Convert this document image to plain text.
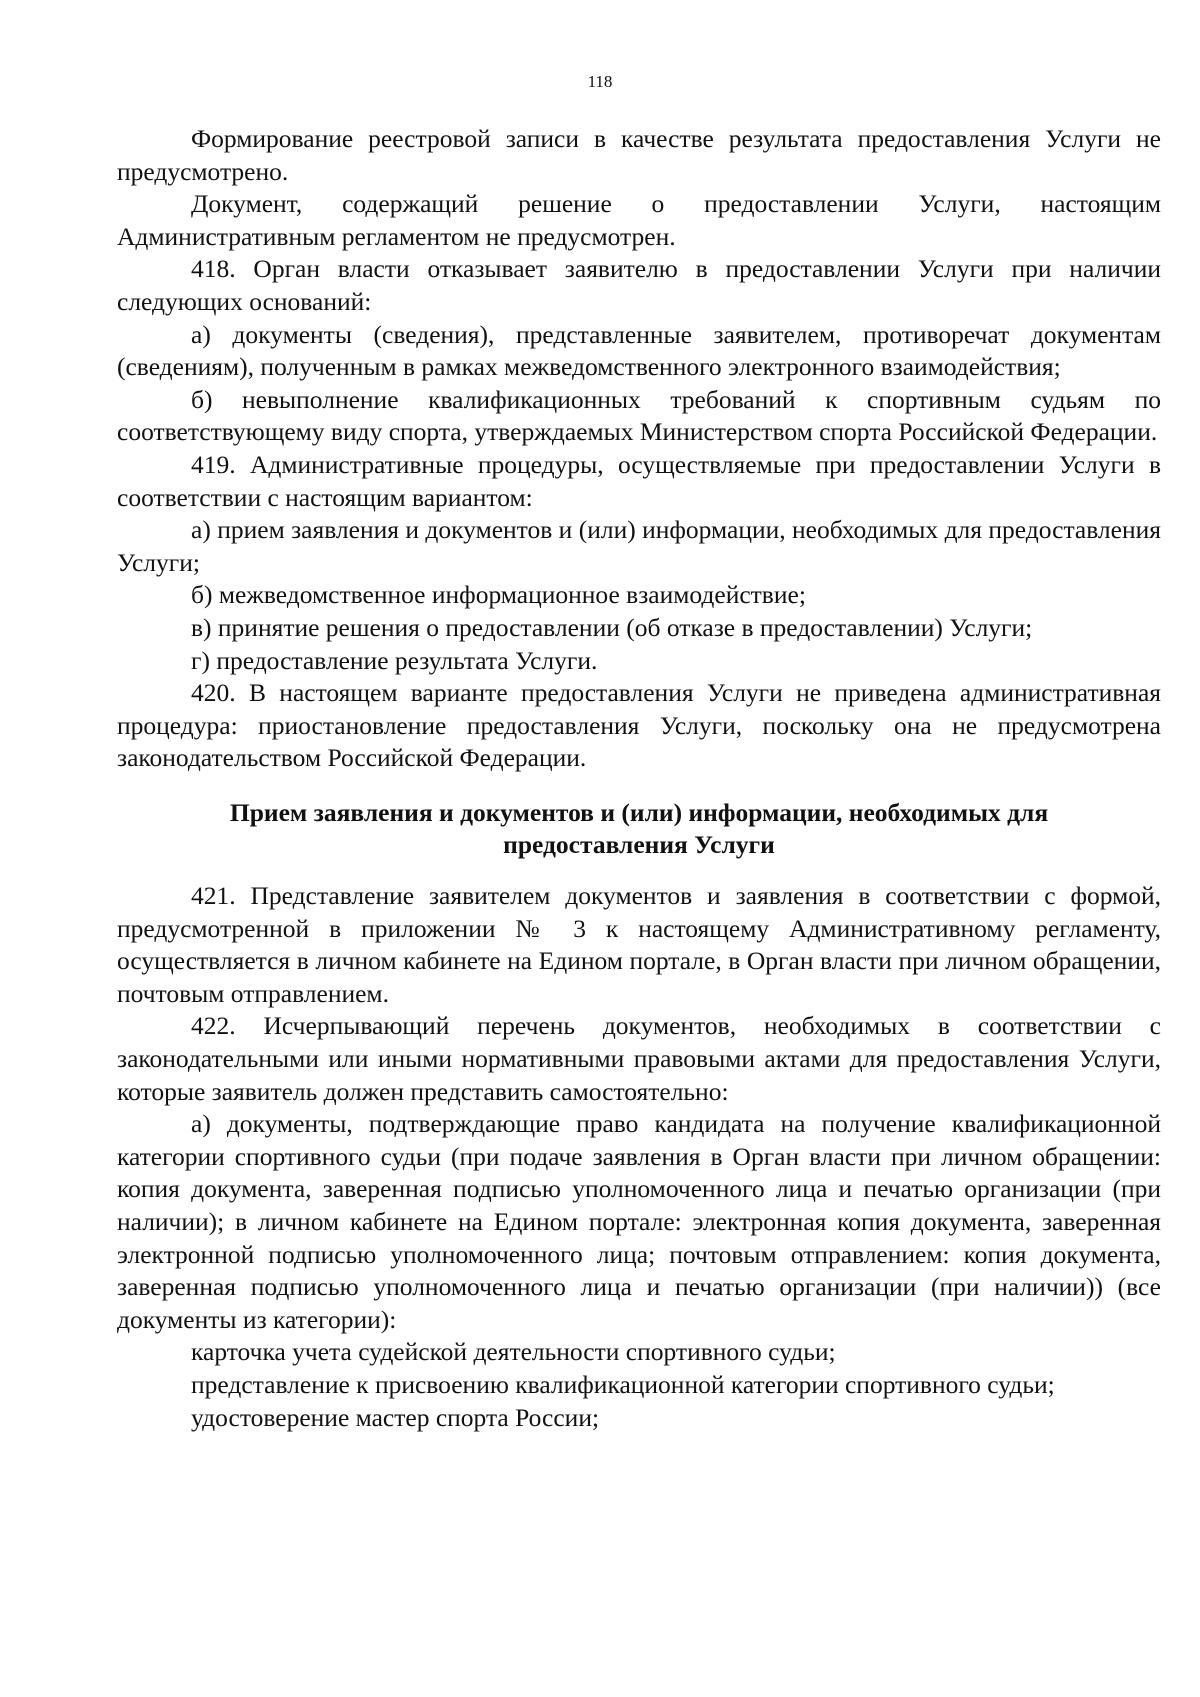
118

Формирование реестровой записи в качестве результата предоставления Услуги не предусмотрено.

Документ, содержащий решение о предоставлении Услуги, настоящим Административным регламентом не предусмотрен.

418. Орган власти отказывает заявителю в предоставлении Услуги при наличии следующих оснований:

а) документы (сведения), представленные заявителем, противоречат документам (сведениям), полученным в рамках межведомственного электронного взаимодействия;

б) невыполнение квалификационных требований к спортивным судьям по соответствующему виду спорта, утверждаемых Министерством спорта Российской Федерации.

419. Административные процедуры, осуществляемые при предоставлении Услуги в соответствии с настоящим вариантом:

а) прием заявления и документов и (или) информации, необходимых для предоставления Услуги;

б) межведомственное информационное взаимодействие;

в) принятие решения о предоставлении (об отказе в предоставлении) Услуги;

г) предоставление результата Услуги.

420. В настоящем варианте предоставления Услуги не приведена административная процедура: приостановление предоставления Услуги, поскольку она не предусмотрена законодательством Российской Федерации.

Прием заявления и документов и (или) информации, необходимых для предоставления Услуги

421. Представление заявителем документов и заявления в соответствии с формой, предусмотренной в приложении № 3 к настоящему Административному регламенту, осуществляется в личном кабинете на Едином портале, в Орган власти при личном обращении, почтовым отправлением.

422. Исчерпывающий перечень документов, необходимых в соответствии с законодательными или иными нормативными правовыми актами для предоставления Услуги, которые заявитель должен представить самостоятельно:

а) документы, подтверждающие право кандидата на получение квалификационной категории спортивного судьи (при подаче заявления в Орган власти при личном обращении: копия документа, заверенная подписью уполномоченного лица и печатью организации (при наличии); в личном кабинете на Едином портале: электронная копия документа, заверенная электронной подписью уполномоченного лица; почтовым отправлением: копия документа, заверенная подписью уполномоченного лица и печатью организации (при наличии)) (все документы из категории):

карточка учета судейской деятельности спортивного судьи;

представление к присвоению квалификационной категории спортивного судьи;

удостоверение мастер спорта России;
